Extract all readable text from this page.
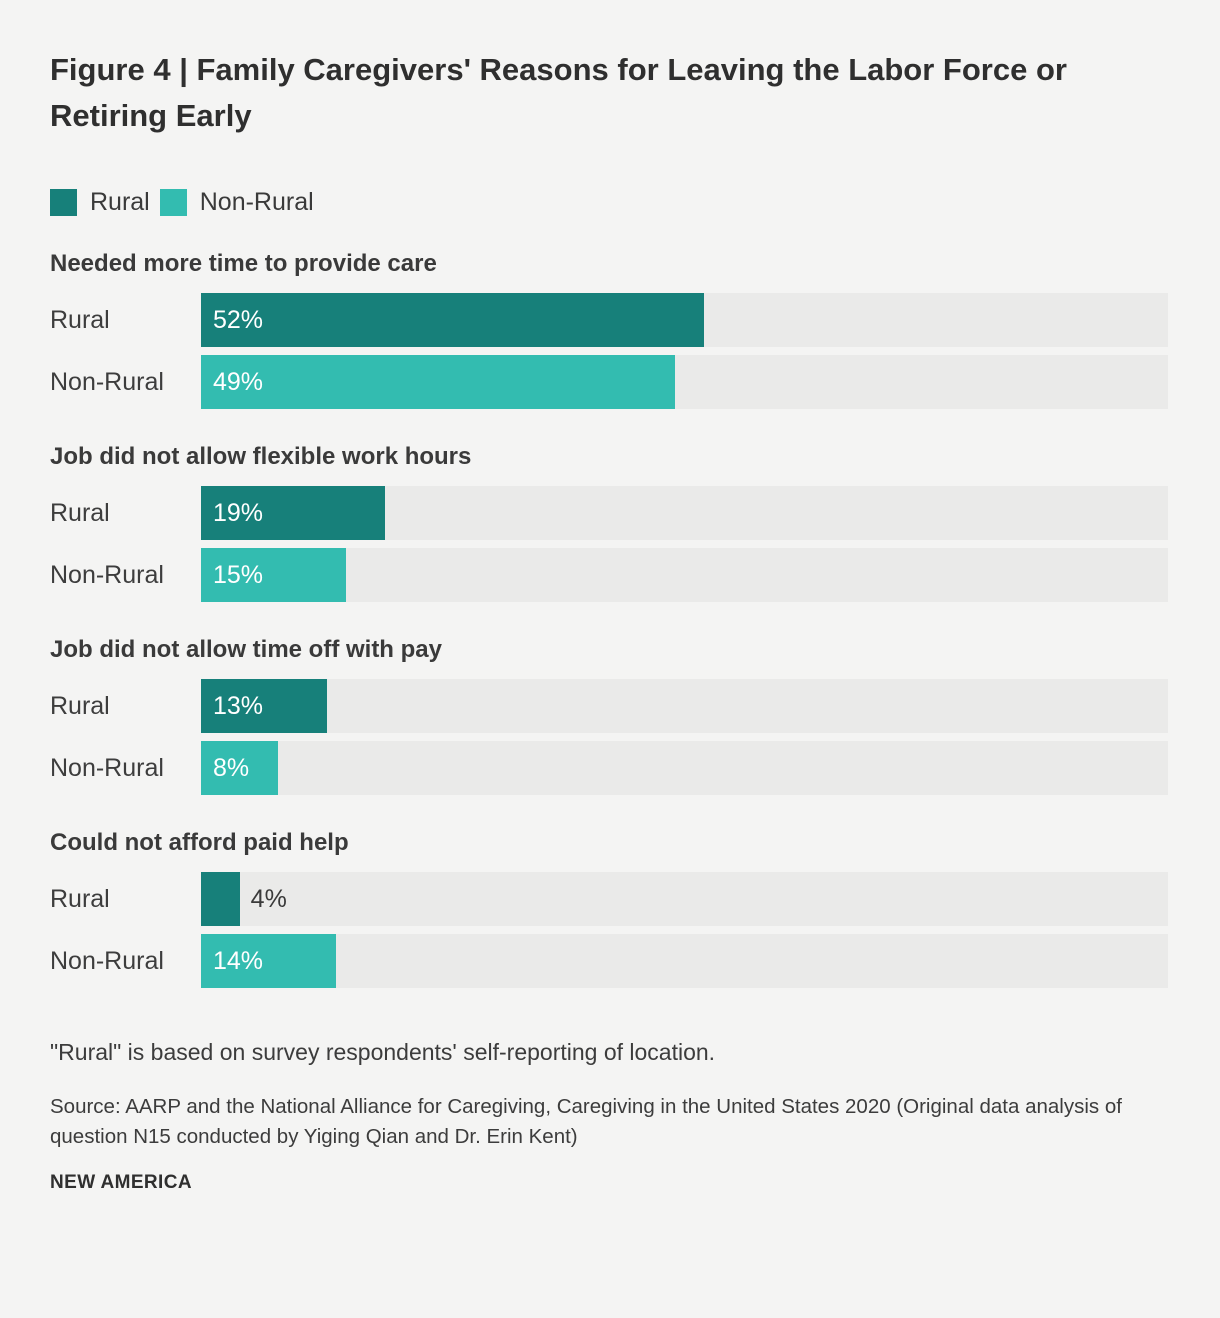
Figure 4 | Family Caregivers' Reasons for Leaving the Labor Force or Retiring Early
Rural Non-Rural
Needed more time to provide care
Rural	52%
Non-Rural	49%
Job did not allow flexible work hours
Rural	19%
Non-Rural	15%
Job did not allow time off with pay
Rural	13%
Non-Rural	8%
Could not afford paid help
Rural	4%
Non-Rural	14%

"Rural" is based on survey respondents' self-reporting of location.

Source: AARP and the National Alliance for Caregiving, Caregiving in the United States 2020 (Original data analysis of question N15 conducted by Yiging Qian and Dr. Erin Kent)

NEW AMERICA
